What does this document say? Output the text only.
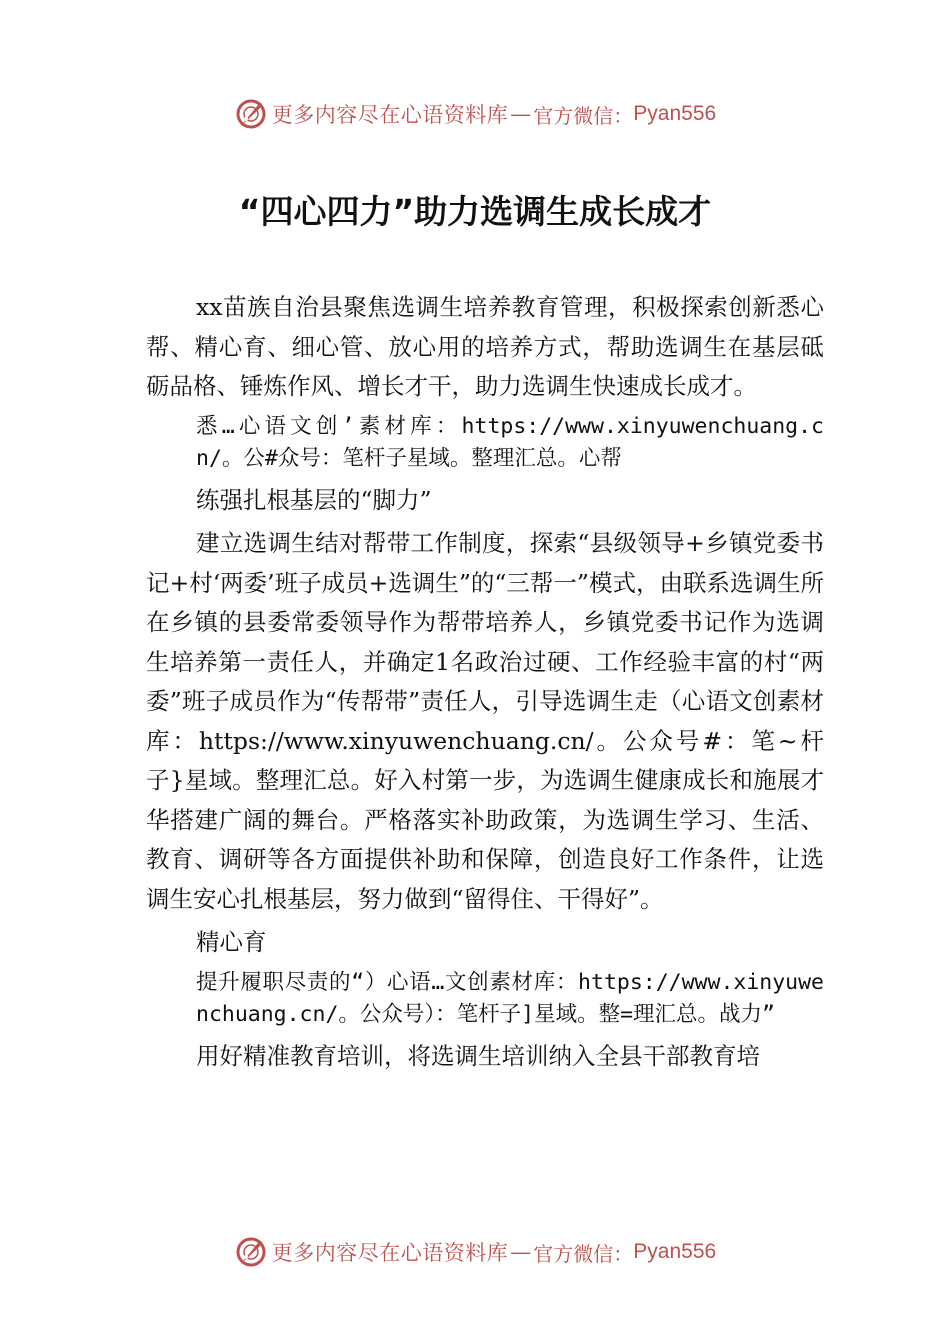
更多内容尽在心语资料库 — 官方微信： Pyan556
“四心四力”助力选调生成长成才

xx苗族自治县聚焦选调生培养教育管理，积极探索创新悉心帮、精心育、细心管、放心用的培养方式，帮助选调生在基层砥砺品格、锤炼作风、增长才干，助力选调生快速成长成才。

悉…心语文创’素材库：https://www.xinyuwenchuang.cn/。公#众号：笔杆子星域。整理汇总。心帮

练强扎根基层的“脚力”

建立选调生结对帮带工作制度，探索“县级领导+乡镇党委书记+村‘两委’班子成员+选调生”的“三帮一”模式，由联系选调生所在乡镇的县委常委领导作为帮带培养人，乡镇党委书记作为选调生培养第一责任人，并确定1名政治过硬、工作经验丰富的村“两委”班子成员作为“传帮带”责任人，引导选调生走（心语文创素材库：https://www.xinyuwenchuang.cn/。公众号#：笔~杆子}星域。整理汇总。好入村第一步，为选调生健康成长和施展才华搭建广阔的舞台。严格落实补助政策，为选调生学习、生活、教育、调研等各方面提供补助和保障，创造良好工作条件，让选调生安心扎根基层，努力做到“留得住、干得好”。

精心育

提升履职尽责的“）心语…文创素材库：https://www.xinyuwenchuang.cn/。公众号）：笔杆子]星域。整=理汇总。战力”

用好精准教育培训，将选调生培训纳入全县干部教育培

更多内容尽在心语资料库 — 官方微信： Pyan556
